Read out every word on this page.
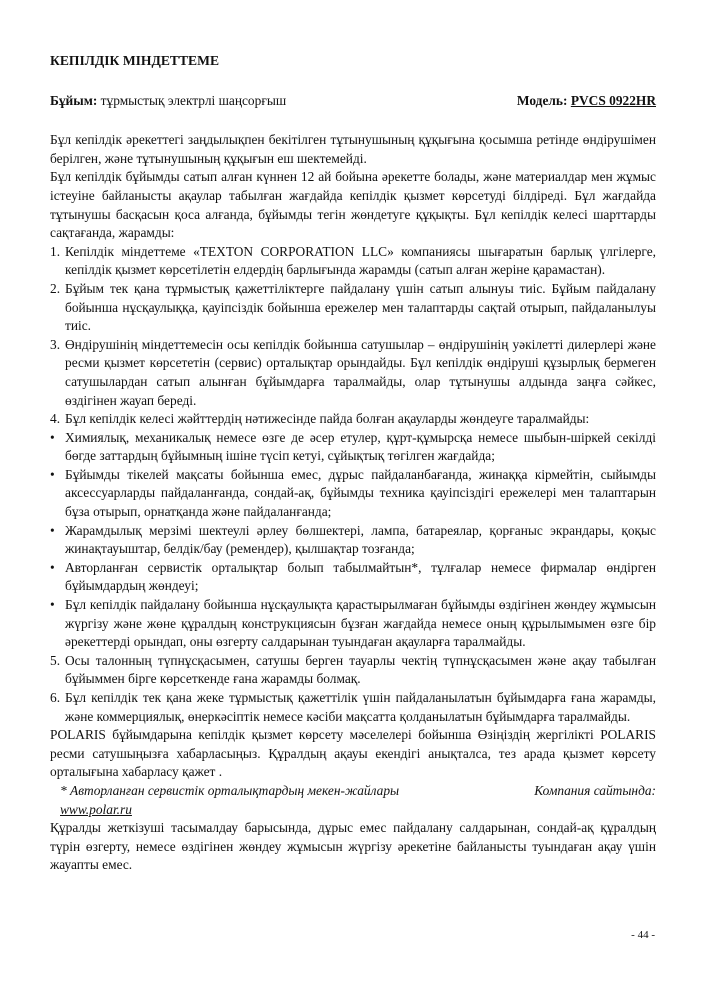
КЕПІЛДІК МІНДЕТТЕМЕ
Бұйым: тұрмыстық электрлі шаңсорғыш	Модель: PVCS 0922HR

Бұл кепілдік әрекеттегі заңдылықпен бекітілген тұтынушының құқығына қосымша ретінде өндірушімен берілген, және тұтынушының құқығын еш шектемейді.

Бұл кепілдік бұйымды сатып алған күннен 12 ай бойына әрекетте болады, және материалдар мен жұмыс істеуіне байланысты ақаулар табылған жағдайда кепілдік қызмет көрсетуді білдіреді. Бұл жағдайда тұтынушы басқасын қоса алғанда, бұйымды тегін жөндетуге құқықты. Бұл кепілдік келесі шарттарды сақтағанда, жарамды:

1. Кепілдік міндеттеме «TEXTON CORPORATION LLC» компаниясы шығаратын барлық үлгілерге, кепілдік қызмет көрсетілетін елдердің барлығында жарамды (сатып алған жеріне қарамастан).
2. Бұйым тек қана тұрмыстық қажеттіліктерге пайдалану үшін сатып алынуы тиіс. Бұйым пайдалану бойынша нұсқаулыққа, қауіпсіздік бойынша ережелер мен талаптарды сақтай отырып, пайдаланылуы тиіс.
3. Өндірушінің міндеттемесін осы кепілдік бойынша сатушылар – өндірушінің уәкілетті дилерлері және ресми қызмет көрсететін (сервис) орталықтар орындайды. Бұл кепілдік өндіруші құзырлық бермеген сатушылардан сатып алынған бұйымдарға таралмайды, олар тұтынушы алдында заңға сәйкес, өздігінен жауап береді.
4. Бұл кепілдік келесі жәйттердің нәтижесінде пайда болған ақауларды жөндеуге таралмайды:
• Химиялық, механикалық немесе өзге де әсер етулер, құрт-құмырсқа немесе шыбын-шіркей секілді бөгде заттардың бұйымның ішіне түсіп кетуі, сұйықтық төгілген жағдайда;
• Бұйымды тікелей мақсаты бойынша емес, дұрыс пайдаланбағанда, жинаққа кірмейтін, сыйымды аксессуарларды пайдаланғанда, сондай-ақ, бұйымды техника қауіпсіздігі ережелері мен талаптарын бұза отырып, орнатқанда және пайдаланғанда;
• Жарамдылық мерзімі шектеулі әрлеу бөлшектері, лампа, батареялар, қорғаныс экрандары, қоқыс жинақтауыштар, белдік/бау (ремендер), қылшақтар тозғанда;
• Авторланған сервистік орталықтар болып табылмайтын*, тұлғалар немесе фирмалар өндірген бұйымдардың жөндеуі;
• Бұл кепілдік пайдалану бойынша нұсқаулықта қарастырылмаған бұйымды өздігінен жөндеу жұмысын жүргізу және жөне құралдың конструкциясын бұзған жағдайда немесе оның құрылымымен өзге бір әрекеттерді орындап, оны өзгерту салдарынан туындаған ақауларға таралмайды.
5. Осы талонның түпнұсқасымен, сатушы берген тауарлы чектің түпнұсқасымен және ақау табылған бұйыммен бірге көрсеткенде ғана жарамды болмақ.
6. Бұл кепілдік тек қана жеке тұрмыстық қажеттілік үшін пайдаланылатын бұйымдарға ғана жарамды, және коммерциялық, өнеркәсіптік немесе кәсіби мақсатта қолданылатын бұйымдарға таралмайды.

POLARIS бұйымдарына кепілдік қызмет көрсету мәселелері бойынша Өзіңіздің жергілікті POLARIS ресми сатушыңызға хабарласыңыз. Құралдың ақауы екендігі анықталса, тез арада қызмет көрсету орталығына хабарласу қажет .

* Авторланған сервистік орталықтардың мекен-жайлары	Компания сайтында:
www.polar.ru

Құралды жеткізуші тасымалдау барысында, дұрыс емес пайдалану салдарынан, сондай-ақ құралдың түрін өзгерту, немесе өздігінен жөндеу жұмысын жүргізу әрекетіне байланысты туындаған ақау үшін жауапты емес.

- 44 -
